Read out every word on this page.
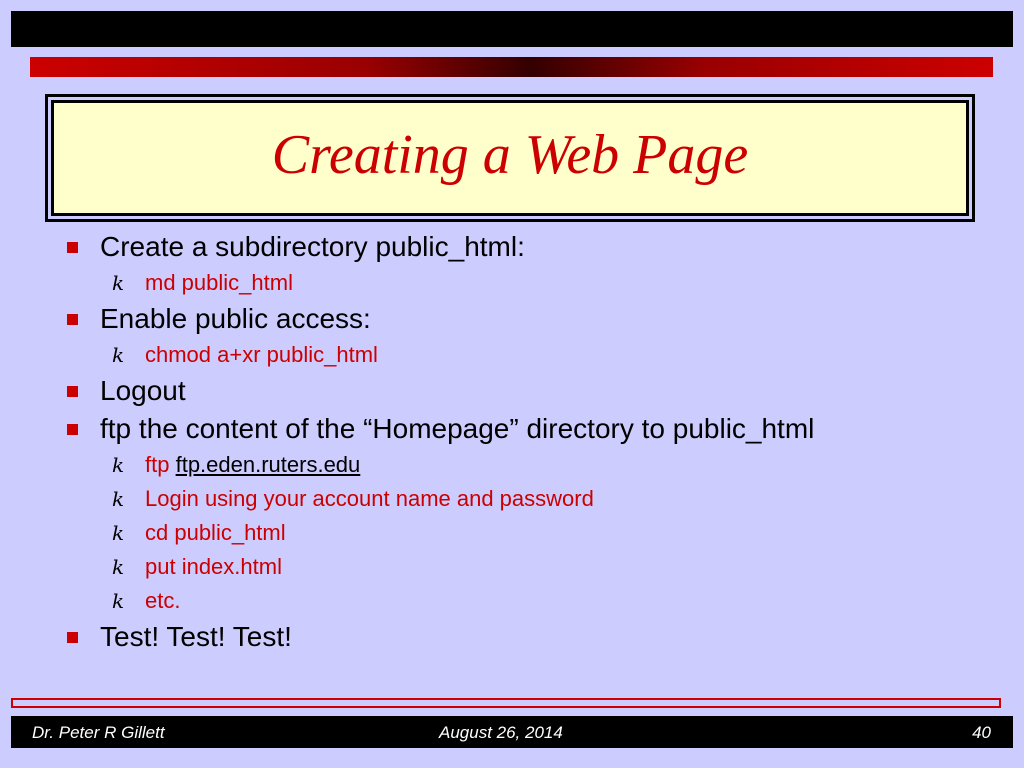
Creating a Web Page
Create a subdirectory public_html:
k md public_html
Enable public access:
k chmod a+xr public_html
Logout
ftp the content of the “Homepage” directory to public_html
k ftp ftp.eden.ruters.edu
k Login using your account name and password
k cd public_html
k put index.html
k etc.
Test! Test! Test!
Dr. Peter R Gillett	August 26, 2014	40
